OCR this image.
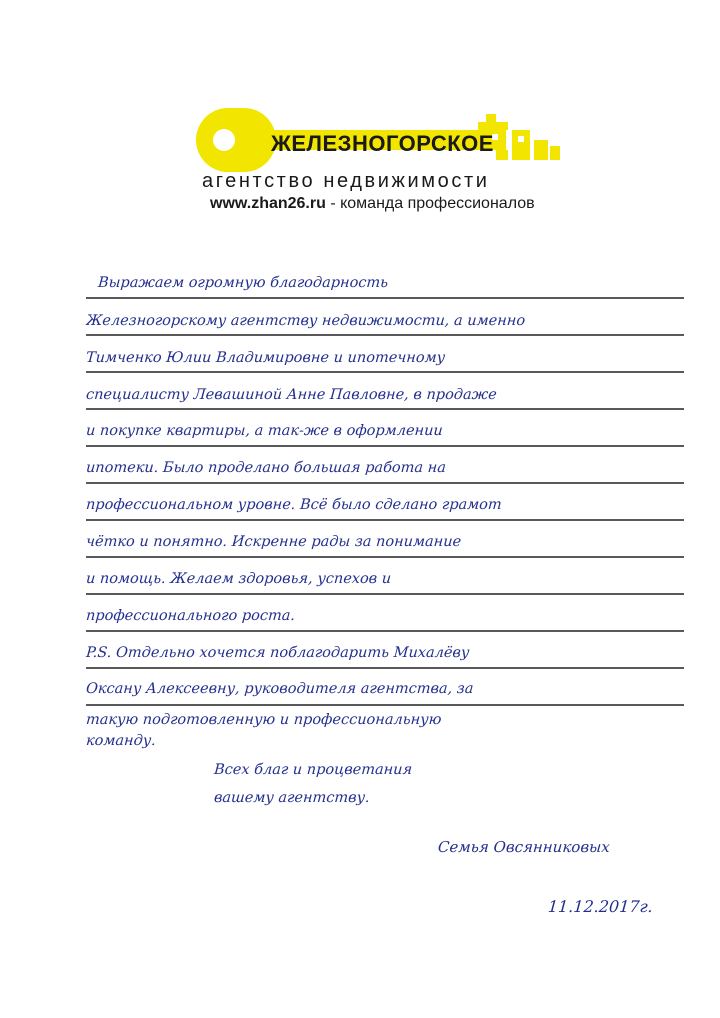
ЖЕЛЕЗНОГОРСКОЕ
агентство недвижимости
www.zhan26.ru - команда профессионалов
Выражаем огромную благодарность
Железногорскому агентству недвижимости, а именно
Тимченко Юлии Владимировне и ипотечному
специалисту Левашиной Анне Павловне, в продаже
и покупке квартиры, а так-же в оформлении
ипотеки. Было проделано большая работа на
профессиональном уровне. Всё было сделано грамот
чётко и понятно. Искренне рады за понимание
и помощь. Желаем здоровья, успехов и
профессионального роста.
P.S. Отдельно хочется поблагодарить Михалёву
Оксану Алексеевну, руководителя агентства, за
такую подготовленную и профессиональную
команду.
Всех благ и процветания
вашему агентству.
Семья Овсянниковых
11.12.2017г.
